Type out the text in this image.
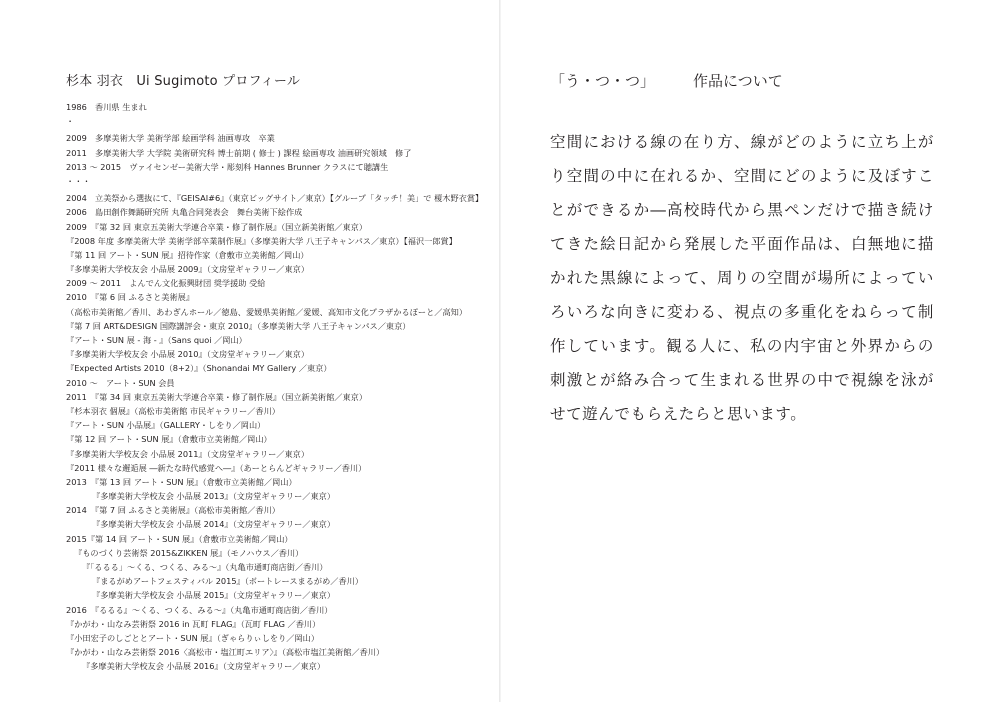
杉本 羽衣　Ui Sugimoto プロフィール
1986　香川県 生まれ
・
2009　多摩美術大学 美術学部 絵画学科 油画専攻　卒業
2011　多摩美術大学 大学院 美術研究科 博士前期 ( 修士 ) 課程 絵画専攻 油画研究領域　修了
2013 ～ 2015　ヴァイセンゼー美術大学・彫刻科 Hannes Brunner クラスにて聴講生
・・・
2004　立美祭から選抜にて、『GEISAI#6』（東京ビッグサイト／東京）【グループ「タッチ！美」で 榎木野衣賞】
2006　島田創作舞踊研究所 丸亀合同発表会　舞台美術下絵作成
2009　『第 32 回 東京五美術大学連合卒業・修了制作展』（国立新美術館／東京）
『2008 年度 多摩美術大学 美術学部卒業制作展』（多摩美術大学 八王子キャンパス／東京）【福沢一郎賞】
『第 11 回 アート・SUN 展』招待作家（倉敷市立美術館／岡山）
『多摩美術大学校友会 小品展 2009』（文房堂ギャラリー／東京）
2009 ～ 2011　よんでん文化振興財団 奨学援助 受給
2010　『第 6 回 ふるさと美術展』
（高松市美術館／香川、あわぎんホール／徳島、愛媛県美術館／愛媛、高知市文化プラザかるぽーと／高知）
『第 7 回 ART&DESIGN 国際講評会・東京 2010』（多摩美術大学 八王子キャンパス／東京）
『アート・SUN 展 - 海 - 』（Sans quoi ／岡山）
『多摩美術大学校友会 小品展 2010』（文房堂ギャラリー／東京）
『Expected Artists 2010（8+2）』（Shonandai MY Gallery ／東京）
2010 ～　アート・SUN 会員
2011　『第 34 回 東京五美術大学連合卒業・修了制作展』（国立新美術館／東京）
『杉本羽衣 個展』（高松市美術館 市民ギャラリー／香川）
『アート・SUN 小品展』（GALLERY・しをり／岡山）
『第 12 回 アート・SUN 展』（倉敷市立美術館／岡山）
『多摩美術大学校友会 小品展 2011』（文房堂ギャラリー／東京）
『2011 様々な邂逅展 ―新たな時代感覚へ―』（あーとらんどギャラリー／香川）
2013　『第 13 回 アート・SUN 展』（倉敷市立美術館／岡山）
『多摩美術大学校友会 小品展 2013』（文房堂ギャラリー／東京）
2014　『第 7 回 ふるさと美術展』（高松市美術館／香川）
『多摩美術大学校友会 小品展 2014』（文房堂ギャラリー／東京）
2015『第 14 回 アート・SUN 展』（倉敷市立美術館／岡山）
『ものづくり芸術祭 2015&ZIKKEN 展』（モノハウス／香川）
『「るるる」～くる、つくる、みる～』（丸亀市通町商店街／香川）
『まるがめアートフェスティバル 2015』（ボートレースまるがめ／香川）
『多摩美術大学校友会 小品展 2015』（文房堂ギャラリー／東京）
2016　『るるる』～くる、つくる、みる～』（丸亀市通町商店街／香川）
『かがわ・山なみ芸術祭 2016 in 瓦町 FLAG』（瓦町 FLAG ／香川）
『小田宏子のしごととアート・SUN 展』（ぎゃらりぃしをり／岡山）
『かがわ・山なみ芸術祭 2016〈高松市・塩江町エリア〉』（高松市塩江美術館／香川）
『多摩美術大学校友会 小品展 2016』（文房堂ギャラリー／東京）
「う・つ・つ」	作品について

空間における線の在り方、線がどのように立ち上がり空間の中に在れるか、空間にどのように及ぼすことができるか―高校時代から黒ペンだけで描き続けてきた絵日記から発展した平面作品は、白無地に描かれた黒線によって、周りの空間が場所によっていろいろな向きに変わる、視点の多重化をねらって制作しています。観る人に、私の内宇宙と外界からの刺激とが絡み合って生まれる世界の中で視線を泳がせて遊んでもらえたらと思います。
